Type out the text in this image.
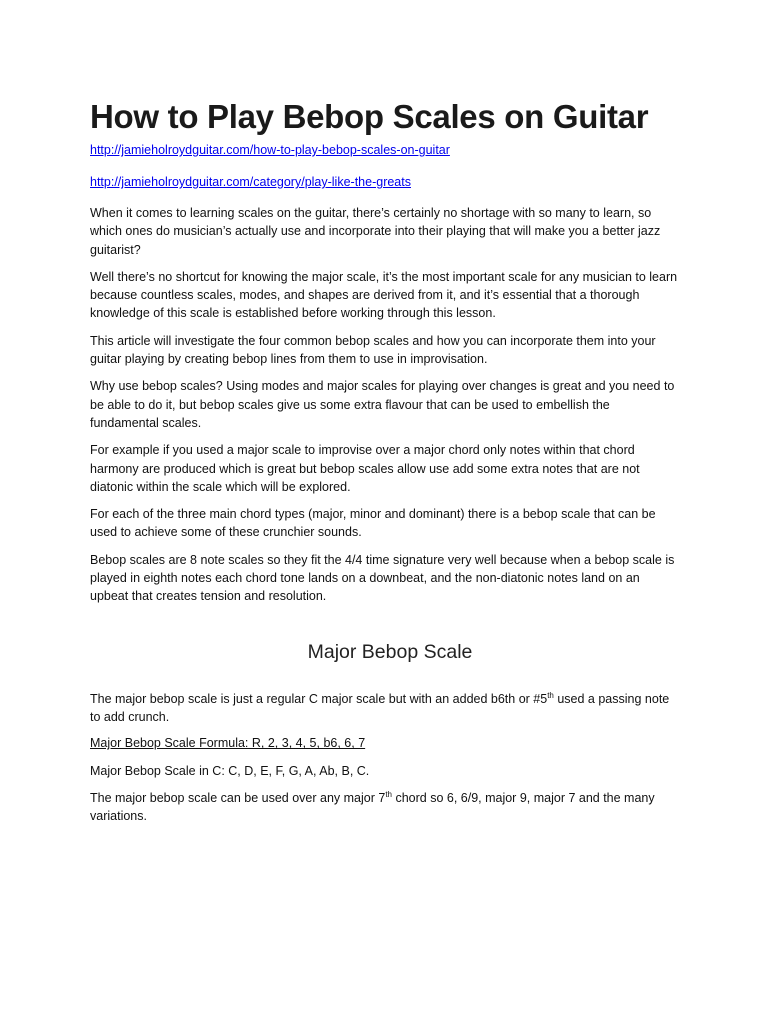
How to Play Bebop Scales on Guitar
http://jamieholroydguitar.com/how-to-play-bebop-scales-on-guitar
http://jamieholroydguitar.com/category/play-like-the-greats

When it comes to learning scales on the guitar, there’s certainly no shortage with so many to learn, so which ones do musician’s actually use and incorporate into their playing that will make you a better jazz guitarist?

Well there’s no shortcut for knowing the major scale, it’s the most important scale for any musician to learn because countless scales, modes, and shapes are derived from it, and it’s essential that a thorough knowledge of this scale is established before working through this lesson.

This article will investigate the four common bebop scales and how you can incorporate them into your guitar playing by creating bebop lines from them to use in improvisation.

Why use bebop scales? Using modes and major scales for playing over changes is great and you need to be able to do it, but bebop scales give us some extra flavour that can be used to embellish the fundamental scales.

For example if you used a major scale to improvise over a major chord only notes within that chord harmony are produced which is great but bebop scales allow use add some extra notes that are not diatonic within the scale which will be explored.

For each of the three main chord types (major, minor and dominant) there is a bebop scale that can be used to achieve some of these crunchier sounds.

Bebop scales are 8 note scales so they fit the 4/4 time signature very well because when a bebop scale is played in eighth notes each chord tone lands on a downbeat, and the non-diatonic notes land on an upbeat that creates tension and resolution.

Major Bebop Scale

The major bebop scale is just a regular C major scale but with an added b6th or #5th used a passing note to add crunch.

Major Bebop Scale Formula: R, 2, 3, 4, 5, b6, 6, 7

Major Bebop Scale in C: C, D, E, F, G, A, Ab, B, C.

The major bebop scale can be used over any major 7th chord so 6, 6/9, major 9, major 7 and the many variations.
